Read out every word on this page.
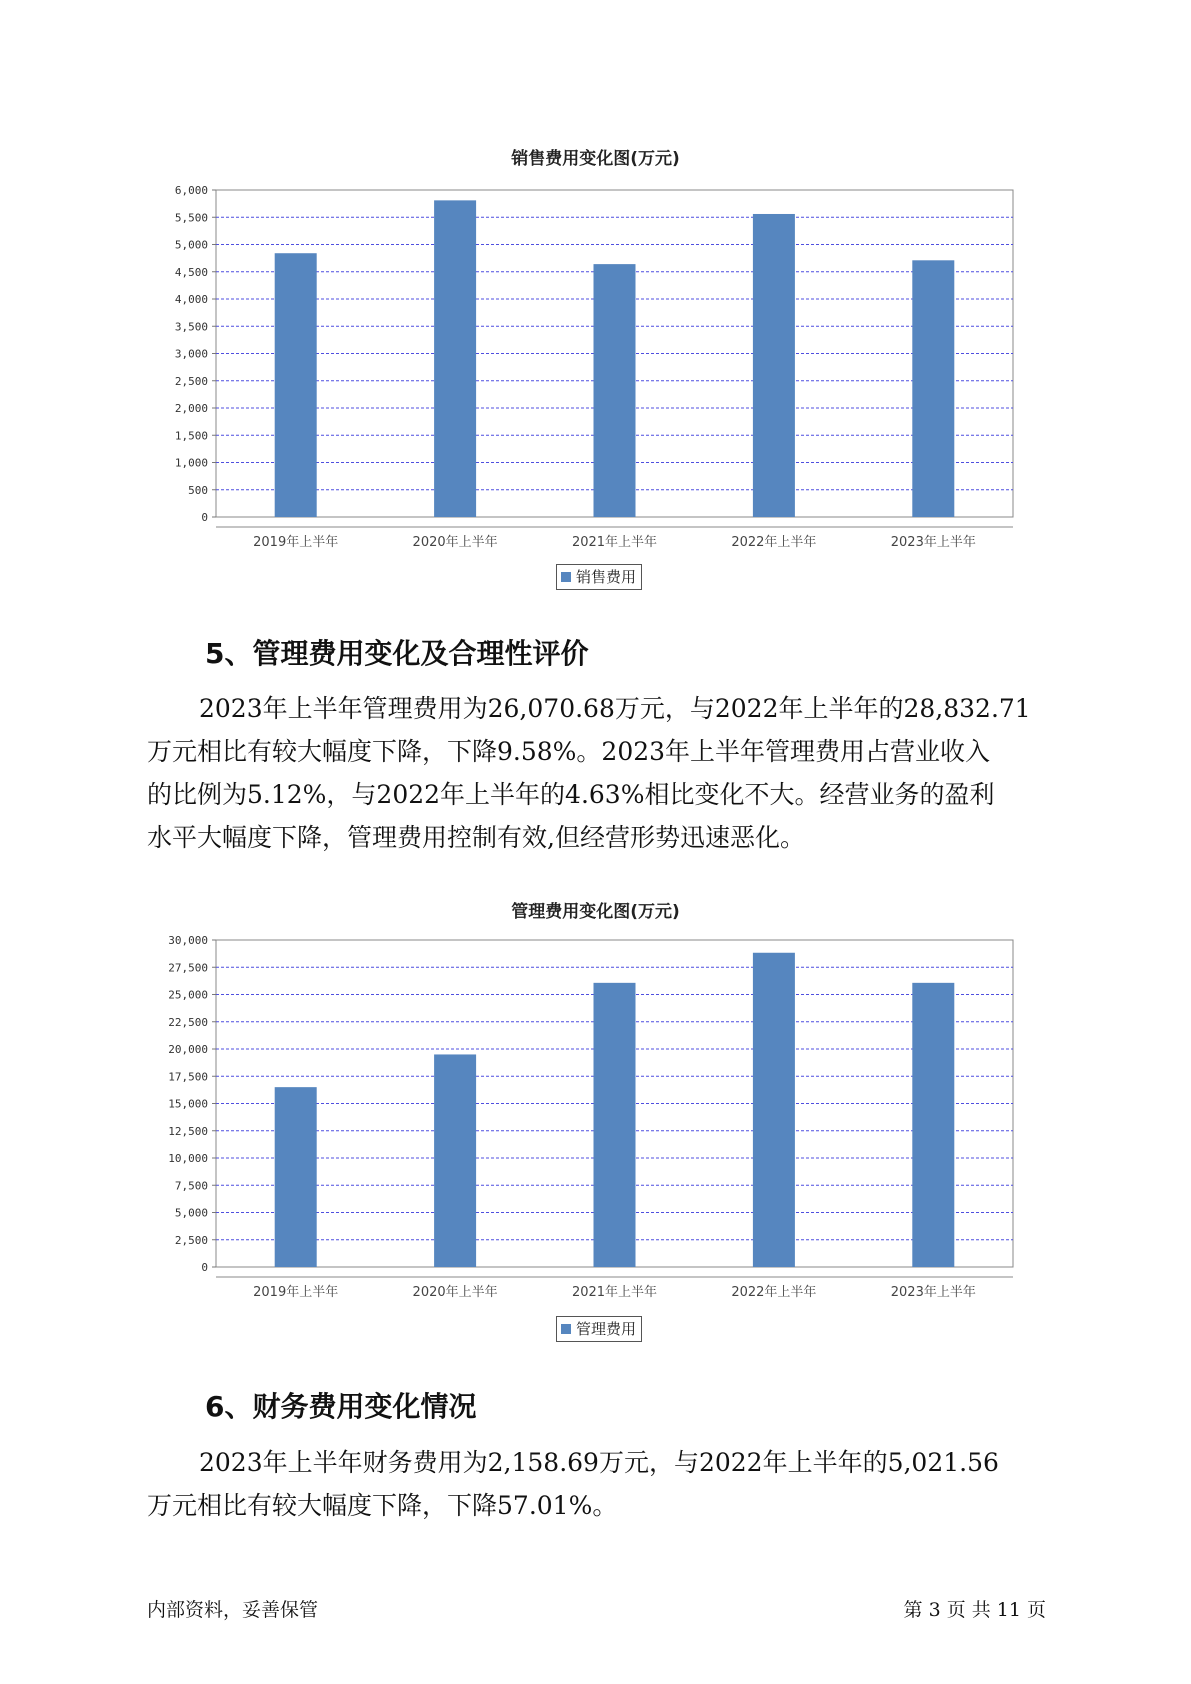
销售费用变化图(万元)
0
500
1,000
1,500
2,000
2,500
3,000
3,500
4,000
4,500
5,000
5,500
6,000
2019年上半年	2020年上半年	2021年上半年	2022年上半年	2023年上半年
销售费用
5、管理费用变化及合理性评价

2023年上半年管理费用为26,070.68万元，与2022年上半年的28,832.71

万元相比有较大幅度下降，下降9.58%。2023年上半年管理费用占营业收入

的比例为5.12%，与2022年上半年的4.63%相比变化不大。经营业务的盈利

水平大幅度下降，管理费用控制有效,但经营形势迅速恶化。

管理费用变化图(万元)
0
2,500
5,000
7,500
10,000
12,500
15,000
17,500
20,000
22,500
25,000
27,500
30,000
2019年上半年	2020年上半年	2021年上半年	2022年上半年	2023年上半年
管理费用
6、财务费用变化情况

2023年上半年财务费用为2,158.69万元，与2022年上半年的5,021.56

万元相比有较大幅度下降，下降57.01%。

内部资料，妥善保管	第 3 页 共 11 页
